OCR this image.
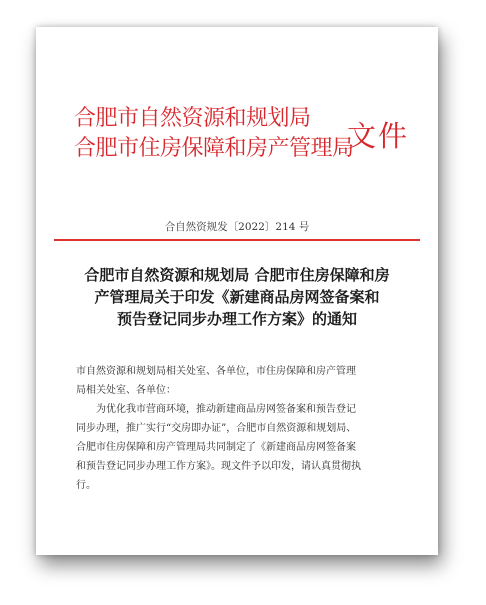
合肥市自然资源和规划局
合肥市住房保障和房产管理局
文件
合自然资规发〔2022〕214 号
合肥市自然资源和规划局 合肥市住房保障和房
产管理局关于印发《新建商品房网签备案和
预告登记同步办理工作方案》的通知
市自然资源和规划局相关处室、各单位，市住房保障和房产管理
局相关处室、各单位：
为优化我市营商环境，推动新建商品房网签备案和预告登记
同步办理，推广实行“交房即办证”，合肥市自然资源和规划局、
合肥市住房保障和房产管理局共同制定了《新建商品房网签备案
和预告登记同步办理工作方案》。现文件予以印发，请认真贯彻执
行。
